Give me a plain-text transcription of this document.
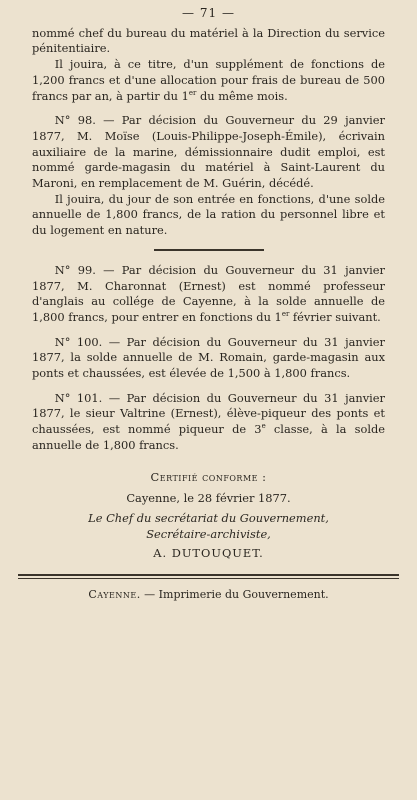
— 71 —

nommé chef du bureau du matériel à la Direction du service pénitentiaire.

Il jouira, à ce titre, d'un supplément de fonctions de 1,200 francs et d'une allocation pour frais de bureau de 500 francs par an, à partir du 1er du même mois.

N° 98. — Par décision du Gouverneur du 29 janvier 1877, M. Moïse (Louis-Philippe-Joseph-Émile), écrivain auxiliaire de la marine, démissionnaire dudit emploi, est nommé garde-magasin du matériel à Saint-Laurent du Maroni, en remplacement de M. Guérin, décédé.

Il jouira, du jour de son entrée en fonctions, d'une solde annuelle de 1,800 francs, de la ration du personnel libre et du logement en nature.

N° 99. — Par décision du Gouverneur du 31 janvier 1877, M. Charonnat (Ernest) est nommé professeur d'anglais au collége de Cayenne, à la solde annuelle de 1,800 francs, pour entrer en fonctions du 1er février suivant.

N° 100. — Par décision du Gouverneur du 31 janvier 1877, la solde annuelle de M. Romain, garde-magasin aux ponts et chaussées, est élevée de 1,500 à 1,800 francs.

N° 101. — Par décision du Gouverneur du 31 janvier 1877, le sieur Valtrine (Ernest), élève-piqueur des ponts et chaussées, est nommé piqueur de 3e classe, à la solde annuelle de 1,800 francs.

Certifié conforme :
Cayenne, le 28 février 1877.
Le Chef du secrétariat du Gouvernement,
Secrétaire-archiviste,
A. DUTOUQUET.
Cayenne. — Imprimerie du Gouvernement.
